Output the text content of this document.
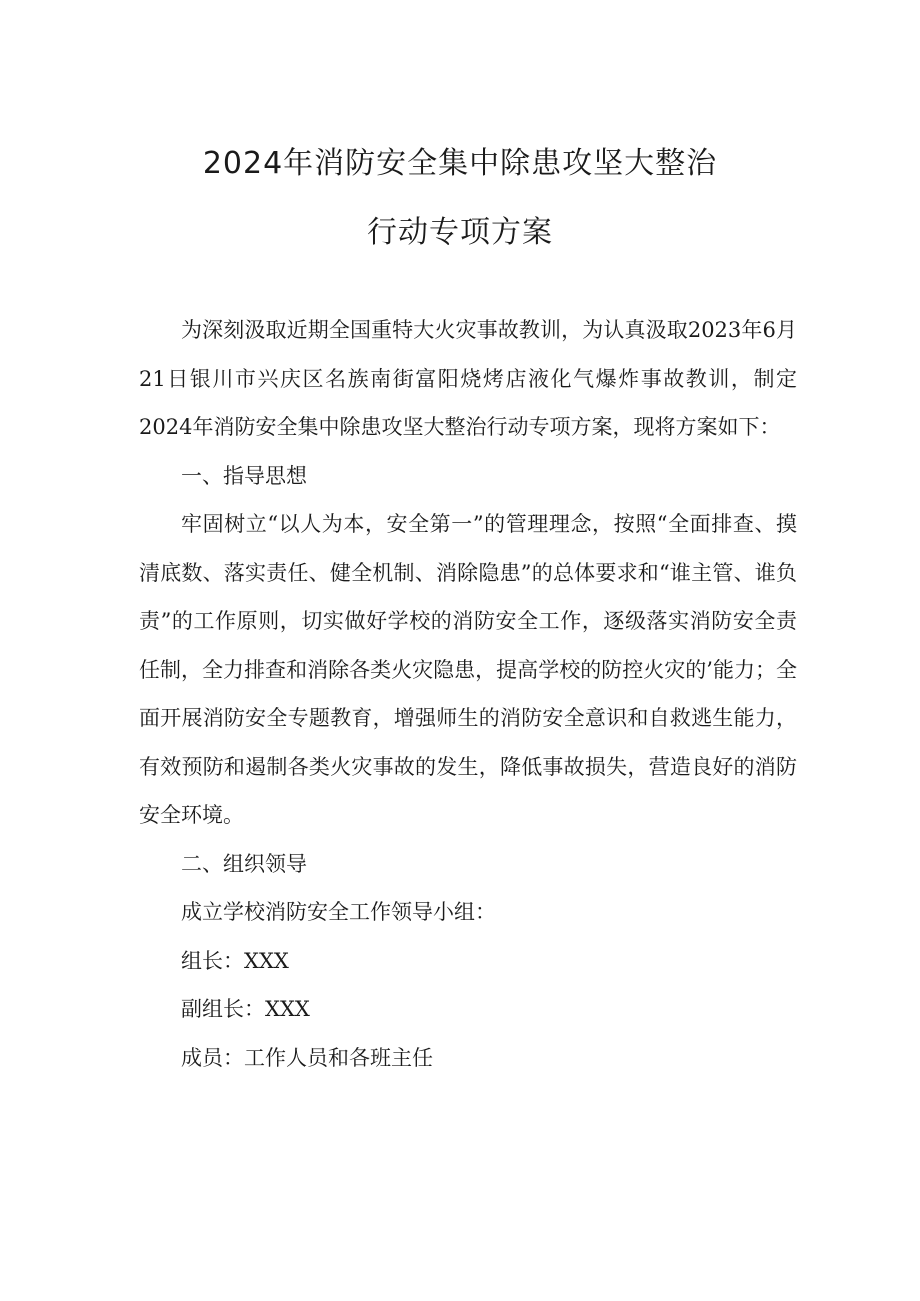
2024年消防安全集中除患攻坚大整治
行动专项方案

为深刻汲取近期全国重特大火灾事故教训，为认真汲取2023年6月21日银川市兴庆区名族南街富阳烧烤店液化气爆炸事故教训，制定2024年消防安全集中除患攻坚大整治行动专项方案，现将方案如下：

一、指导思想

牢固树立“以人为本，安全第一”的管理理念，按照“全面排查、摸清底数、落实责任、健全机制、消除隐患”的总体要求和“谁主管、谁负责”的工作原则，切实做好学校的消防安全工作，逐级落实消防安全责任制，全力排查和消除各类火灾隐患，提高学校的防控火灾的’能力；全面开展消防安全专题教育，增强师生的消防安全意识和自救逃生能力，有效预防和遏制各类火灾事故的发生，降低事故损失，营造良好的消防安全环境。

二、组织领导

成立学校消防安全工作领导小组：

组长：XXX

副组长：XXX

成员：工作人员和各班主任
